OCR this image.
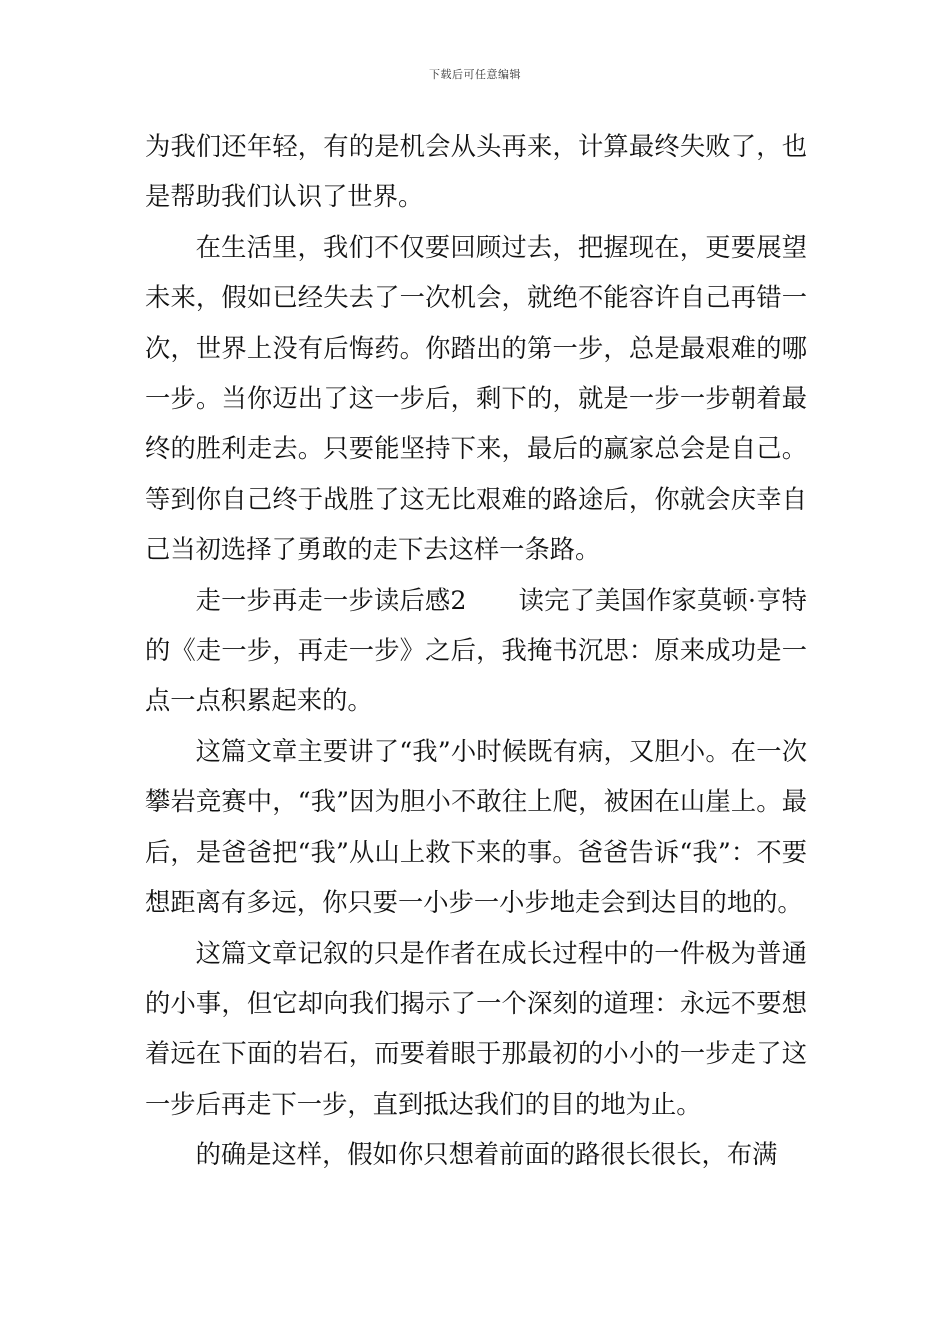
下载后可任意编辑

为我们还年轻，有的是机会从头再来，计算最终失败了，也是帮助我们认识了世界。

在生活里，我们不仅要回顾过去，把握现在，更要展望未来，假如已经失去了一次机会，就绝不能容许自己再错一次，世界上没有后悔药。你踏出的第一步，总是最艰难的哪一步。当你迈出了这一步后，剩下的，就是一步一步朝着最终的胜利走去。只要能坚持下来，最后的赢家总会是自己。等到你自己终于战胜了这无比艰难的路途后，你就会庆幸自己当初选择了勇敢的走下去这样一条路。

走一步再走一步读后感2 读完了美国作家莫顿·亨特的《走一步，再走一步》之后，我掩书沉思：原来成功是一点一点积累起来的。

这篇文章主要讲了“我”小时候既有病，又胆小。在一次攀岩竞赛中，“我”因为胆小不敢往上爬，被困在山崖上。最后，是爸爸把“我”从山上救下来的事。爸爸告诉“我”：不要想距离有多远，你只要一小步一小步地走会到达目的地的。

这篇文章记叙的只是作者在成长过程中的一件极为普通的小事，但它却向我们揭示了一个深刻的道理：永远不要想着远在下面的岩石，而要着眼于那最初的小小的一步走了这一步后再走下一步，直到抵达我们的目的地为止。

的确是这样，假如你只想着前面的路很长很长，布满
